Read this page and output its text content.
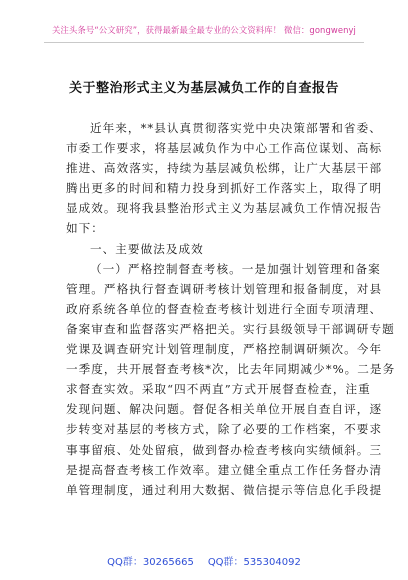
关注头条号“公文研究”，获得最新最全最专业的公文资料库！ 微信：gongwenyj
关于整治形式主义为基层减负工作的自查报告
近年来，**县认真贯彻落实党中央决策部署和省委、
市委工作要求，将基层减负作为中心工作高位谋划、高标
推进、高效落实，持续为基层减负松绑，让广大基层干部
腾出更多的时间和精力投身到抓好工作落实上，取得了明
显成效。现将我县整治形式主义为基层减负工作情况报告
如下：
一、主要做法及成效
（一）严格控制督查考核。一是加强计划管理和备案
管理。严格执行督查调研考核计划管理和报备制度，对县
政府系统各单位的督查检查考核计划进行全面专项清理、
备案审查和监督落实严格把关。实行县级领导干部调研专题
党课及调查研究计划管理制度，严格控制调研频次。今年
一季度，共开展督查考核*次，比去年同期减少*%。二是务
求督查实效。采取“四不两直”方式开展督查检查，注重
发现问题、解决问题。督促各相关单位开展自查自评，逐
步转变对基层的考核方式，除了必要的工作档案，不要求
事事留痕、处处留痕，做到督办检查考核向实绩倾斜。三
是提高督查考核工作效率。建立健全重点工作任务督办清
单管理制度，通过利用大数据、微信提示等信息化手段提
QQ群：30265665 QQ群：535304092
